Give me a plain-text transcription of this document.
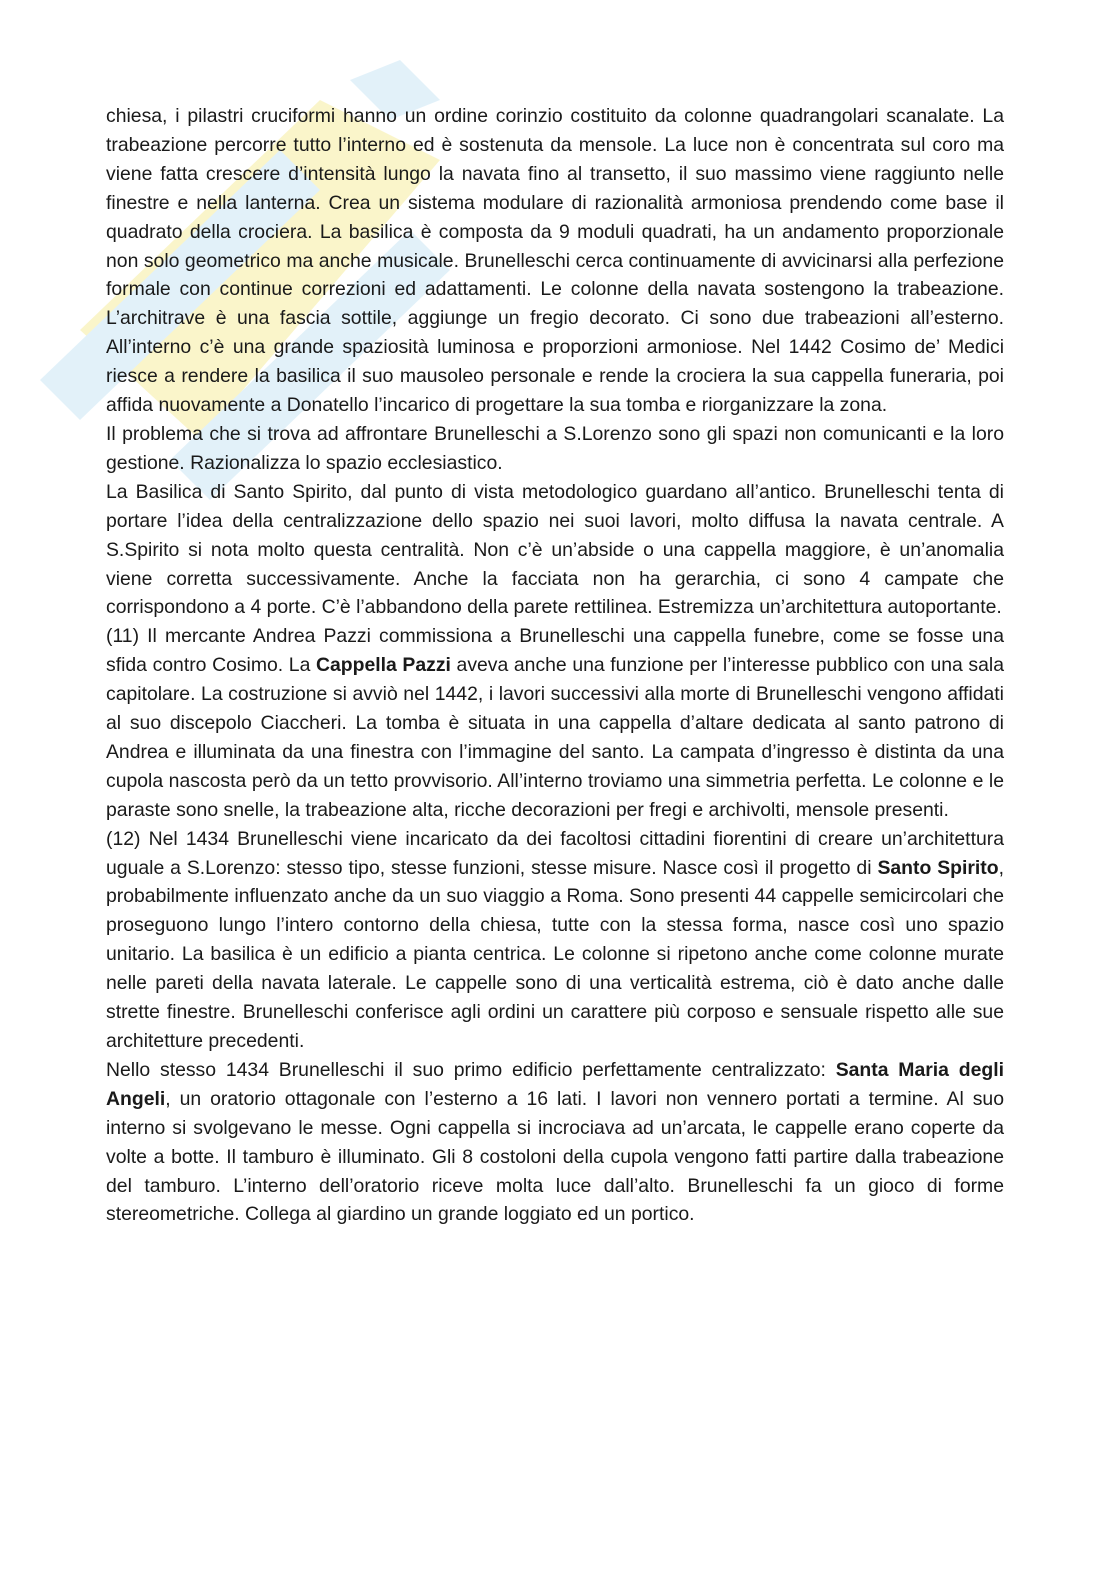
chiesa, i pilastri cruciformi hanno un ordine corinzio costituito da colonne quadrangolari scanalate. La trabeazione percorre tutto l’interno ed è sostenuta da mensole. La luce non è concentrata sul coro ma viene fatta crescere d’intensità lungo la navata fino al transetto, il suo massimo viene raggiunto nelle finestre e nella lanterna. Crea un sistema modulare di razionalità armoniosa prendendo come base il quadrato della crociera. La basilica è composta da 9 moduli quadrati, ha un andamento proporzionale non solo geometrico ma anche musicale. Brunelleschi cerca continuamente di avvicinarsi alla perfezione formale con continue correzioni ed adattamenti. Le colonne della navata sostengono la trabeazione. L’architrave è una fascia sottile, aggiunge un fregio decorato. Ci sono due trabeazioni all’esterno. All’interno c’è una grande spaziosità luminosa e proporzioni armoniose. Nel 1442 Cosimo de’ Medici riesce a rendere la basilica il suo mausoleo personale e rende la crociera la sua cappella funeraria, poi affida nuovamente a Donatello l’incarico di progettare la sua tomba e riorganizzare la zona.

Il problema che si trova ad affrontare Brunelleschi a S.Lorenzo sono gli spazi non comunicanti e la loro gestione. Razionalizza lo spazio ecclesiastico.

La Basilica di Santo Spirito, dal punto di vista metodologico guardano all’antico. Brunelleschi tenta di portare l’idea della centralizzazione dello spazio nei suoi lavori, molto diffusa la navata centrale. A S.Spirito si nota molto questa centralità. Non c’è un’abside o una cappella maggiore, è un’anomalia viene corretta successivamente. Anche la facciata non ha gerarchia, ci sono 4 campate che corrispondono a 4 porte. C’è l’abbandono della parete rettilinea. Estremizza un’architettura autoportante.

(11) Il mercante Andrea Pazzi commissiona a Brunelleschi una cappella funebre, come se fosse una sfida contro Cosimo. La Cappella Pazzi aveva anche una funzione per l’interesse pubblico con una sala capitolare. La costruzione si avviò nel 1442, i lavori successivi alla morte di Brunelleschi vengono affidati al suo discepolo Ciaccheri. La tomba è situata in una cappella d’altare dedicata al santo patrono di Andrea e illuminata da una finestra con l’immagine del santo. La campata d’ingresso è distinta da una cupola nascosta però da un tetto provvisorio. All’interno troviamo una simmetria perfetta. Le colonne e le paraste sono snelle, la trabeazione alta, ricche decorazioni per fregi e archivolti, mensole presenti.

(12) Nel 1434 Brunelleschi viene incaricato da dei facoltosi cittadini fiorentini di creare un’architettura uguale a S.Lorenzo: stesso tipo, stesse funzioni, stesse misure. Nasce così il progetto di Santo Spirito, probabilmente influenzato anche da un suo viaggio a Roma. Sono presenti 44 cappelle semicircolari che proseguono lungo l’intero contorno della chiesa, tutte con la stessa forma, nasce così uno spazio unitario. La basilica è un edificio a pianta centrica. Le colonne si ripetono anche come colonne murate nelle pareti della navata laterale. Le cappelle sono di una verticalità estrema, ciò è dato anche dalle strette finestre. Brunelleschi conferisce agli ordini un carattere più corposo e sensuale rispetto alle sue architetture precedenti.

Nello stesso 1434 Brunelleschi il suo primo edificio perfettamente centralizzato: Santa Maria degli Angeli, un oratorio ottagonale con l’esterno a 16 lati. I lavori non vennero portati a termine. Al suo interno si svolgevano le messe. Ogni cappella si incrociava ad un’arcata, le cappelle erano coperte da volte a botte. Il tamburo è illuminato. Gli 8 costoloni della cupola vengono fatti partire dalla trabeazione del tamburo. L’interno dell’oratorio riceve molta luce dall’alto. Brunelleschi fa un gioco di forme stereometriche. Collega al giardino un grande loggiato ed un portico.
